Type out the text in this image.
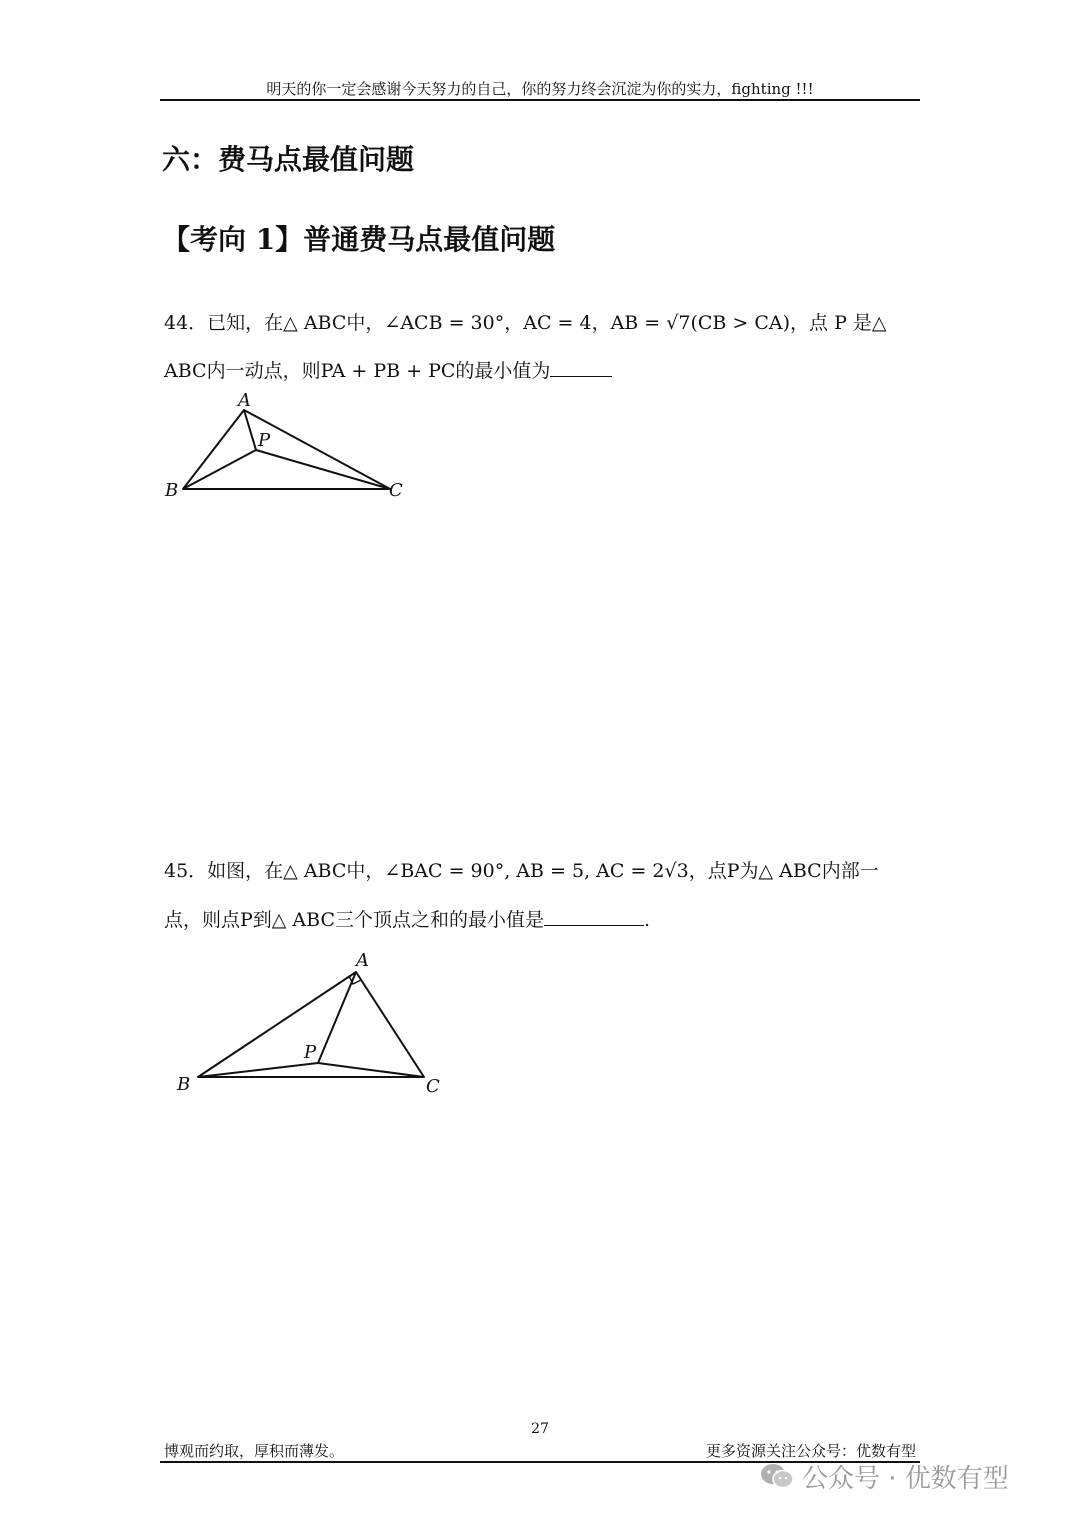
明天的你一定会感谢今天努力的自己，你的努力终会沉淀为你的实力，fighting !!!
六：费马点最值问题
【考向 1】普通费马点最值问题
44．已知，在△ ABC中，∠ACB = 30°，AC = 4，AB = √7(CB > CA)，点 P 是△
ABC内一动点，则PA + PB + PC的最小值为
A
B	C
P
A
B	C
P
45．如图，在△ ABC中，∠BAC = 90°, AB = 5, AC = 2√3，点P为△ ABC内部一
点，则点P到△ ABC三个顶点之和的最小值是	.
27
博观而约取，厚积而薄发。	更多资源关注公众号：优数有型
公众号 · 优数有型
